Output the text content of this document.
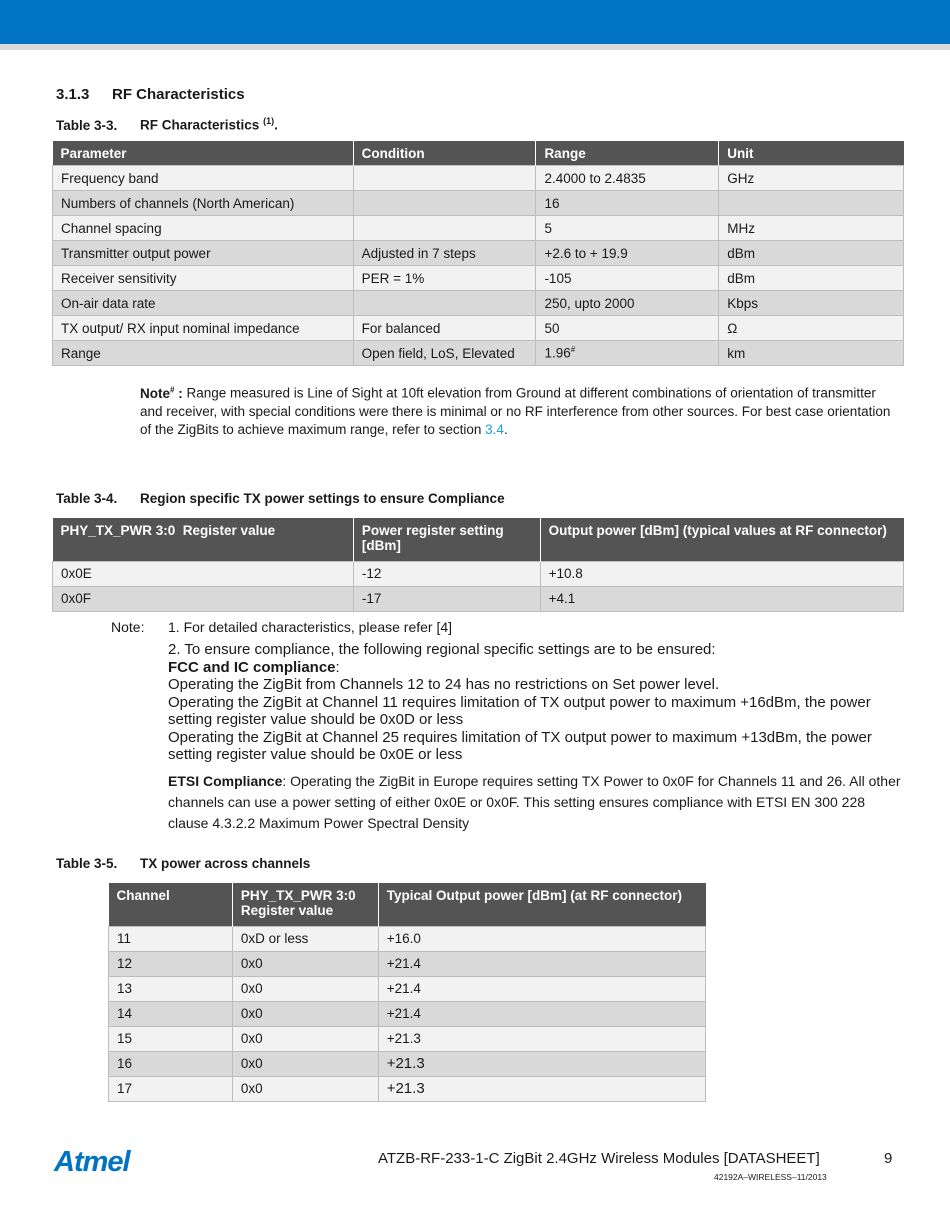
3.1.3 RF Characteristics
Table 3-3. RF Characteristics $^{(1)}$.
Parameter	Condition	Range	Unit
Frequency band		2.4000 to 2.4835	GHz
Numbers of channels (North American)		16	
Channel spacing		5	MHz
Transmitter output power	Adjusted in 7 steps	+2.6 to + 19.9	dBm
Receiver sensitivity	PER = 1%	-105	dBm
On-air data rate		250, upto 2000	Kbps
TX output/ RX input nominal impedance	For balanced	50	Ω
Range	Open field, LoS, Elevated	1.96#	km
Note# : Range measured is Line of Sight at 10ft elevation from Ground at different combinations of orientation of transmitter and receiver, with special conditions were there is minimal or no RF interference from other sources. For best case orientation of the ZigBits to achieve maximum range, refer to section 3.4.
Table 3-4. Region specific TX power settings to ensure Compliance
PHY_TX_PWR 3:0  Register value	Power register setting [dBm]	Output power [dBm] (typical values at RF connector)
0x0E	-12	+10.8
0x0F	-17	+4.1
Note: 1. For detailed characteristics, please refer [4]
2. To ensure compliance, the following regional specific settings are to be ensured:
FCC and IC compliance:
Operating the ZigBit from Channels 12 to 24 has no restrictions on Set power level.
Operating the ZigBit at Channel 11 requires limitation of TX output power to maximum +16dBm, the power setting register value should be 0x0D or less
Operating the ZigBit at Channel 25 requires limitation of TX output power to maximum +13dBm, the power setting register value should be 0x0E or less
ETSI Compliance: Operating the ZigBit in Europe requires setting TX Power to 0x0F for Channels 11 and 26. All other channels can use a power setting of either 0x0E or 0x0F. This setting ensures compliance with ETSI EN 300 228 clause 4.3.2.2 Maximum Power Spectral Density
Table 3-5. TX power across channels
Channel	PHY_TX_PWR 3:0 Register value	Typical Output power [dBm] (at RF connector)
11	0xD or less	+16.0
12	0x0	+21.4
13	0x0	+21.4
14	0x0	+21.4
15	0x0	+21.3
16	0x0	+21.3
17	0x0	+21.3
Atmel	ATZB-RF-233-1-C ZigBit 2.4GHz Wireless Modules [DATASHEET]	9
42192A–WIRELESS–11/2013
